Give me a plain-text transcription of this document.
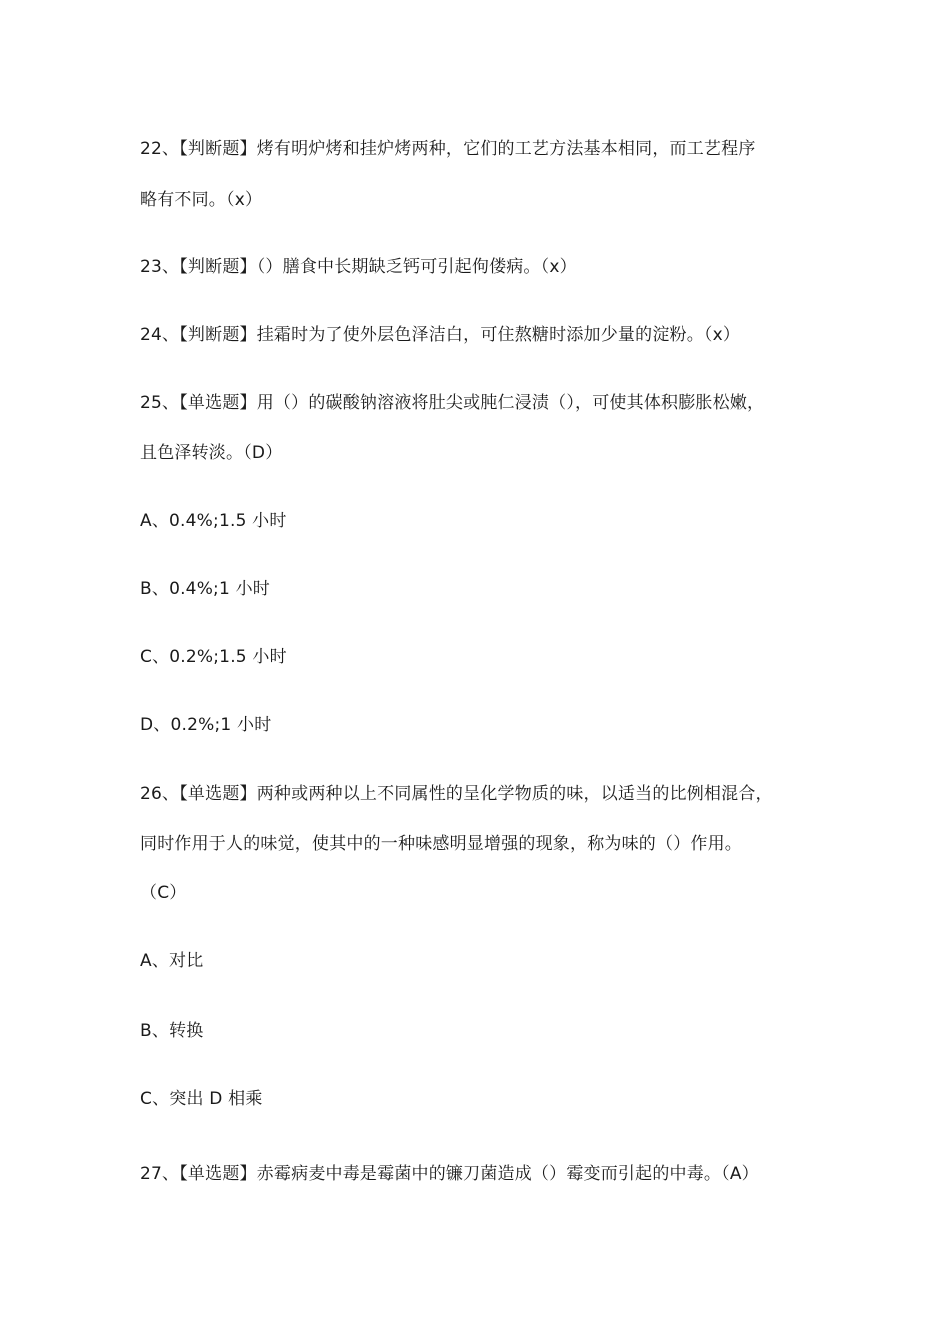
22、【判断题】烤有明炉烤和挂炉烤两种，它们的工艺方法基本相同，而工艺程序
略有不同。（x）
23、【判断题】（）膳食中长期缺乏钙可引起佝偻病。（x）
24、【判断题】挂霜时为了使外层色泽洁白，可住熬糖时添加少量的淀粉。（x）
25、【单选题】用（）的碳酸钠溶液将肚尖或肫仁浸渍（），可使其体积膨胀松嫩，
且色泽转淡。（D）
A、0.4%;1.5 小时
B、0.4%;1 小时
C、0.2%;1.5 小时
D、0.2%;1 小时
26、【单选题】两种或两种以上不同属性的呈化学物质的味，以适当的比例相混合，
同时作用于人的味觉，使其中的一种味感明显增强的现象，称为味的（）作用。
（C）
A、对比
B、转换
C、突出 D 相乘
27、【单选题】赤霉病麦中毒是霉菌中的镰刀菌造成（）霉变而引起的中毒。（A）
